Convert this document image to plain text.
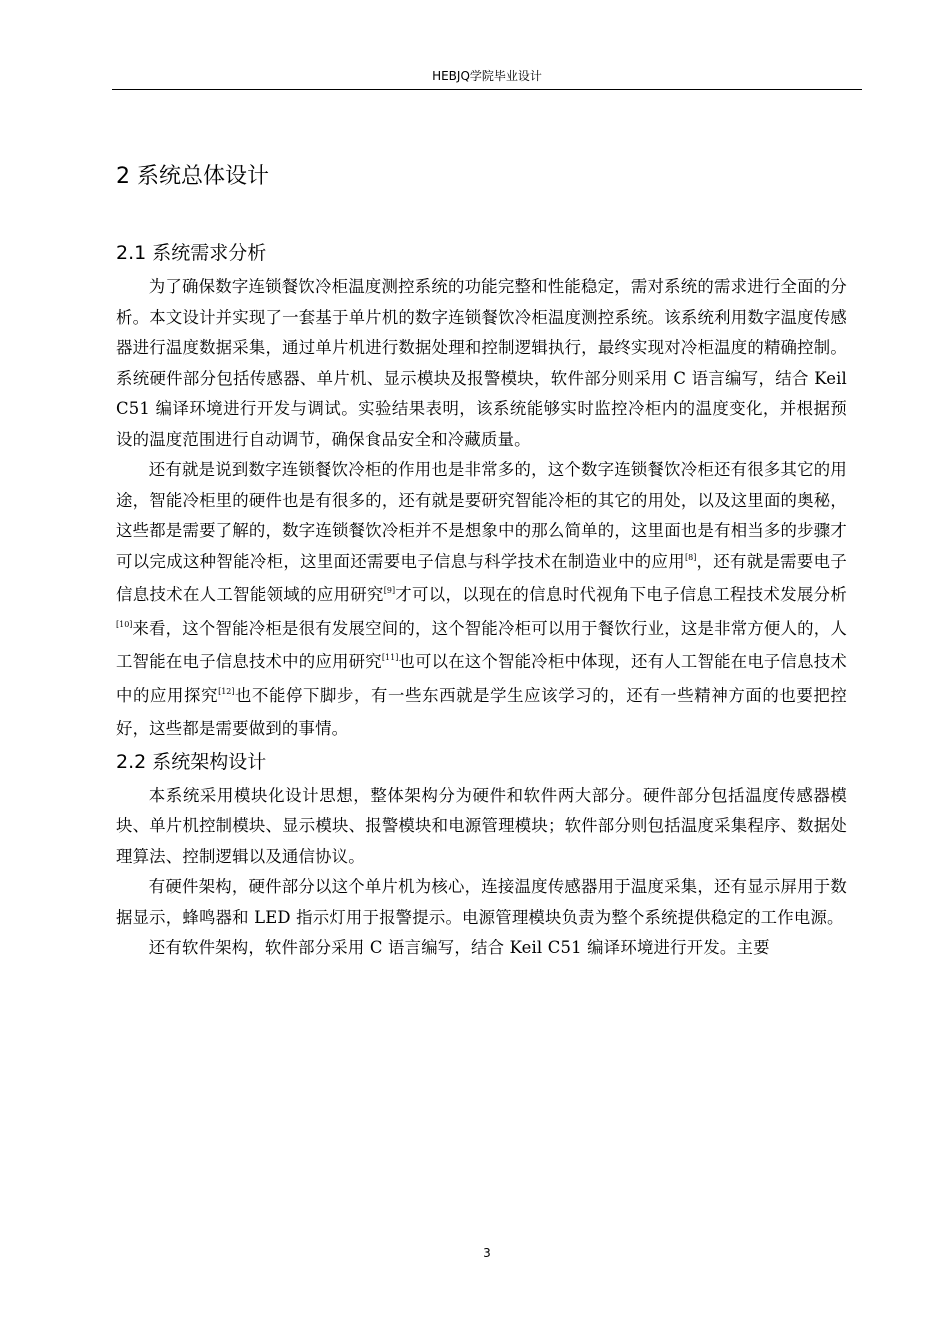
HEBJQ学院毕业设计
2 系统总体设计
2.1 系统需求分析

为了确保数字连锁餐饮冷柜温度测控系统的功能完整和性能稳定，需对系统的需求进行全面的分析。本文设计并实现了一套基于单片机的数字连锁餐饮冷柜温度测控系统。该系统利用数字温度传感器进行温度数据采集，通过单片机进行数据处理和控制逻辑执行，最终实现对冷柜温度的精确控制。系统硬件部分包括传感器、单片机、显示模块及报警模块，软件部分则采用 C 语言编写，结合 Keil C51 编译环境进行开发与调试。实验结果表明，该系统能够实时监控冷柜内的温度变化，并根据预设的温度范围进行自动调节，确保食品安全和冷藏质量。

还有就是说到数字连锁餐饮冷柜的作用也是非常多的，这个数字连锁餐饮冷柜还有很多其它的用途，智能冷柜里的硬件也是有很多的，还有就是要研究智能冷柜的其它的用处，以及这里面的奥秘，这些都是需要了解的，数字连锁餐饮冷柜并不是想象中的那么简单的，这里面也是有相当多的步骤才可以完成这种智能冷柜，这里面还需要电子信息与科学技术在制造业中的应用[8]，还有就是需要电子信息技术在人工智能领域的应用研究[9]才可以，以现在的信息时代视角下电子信息工程技术发展分析[10]来看，这个智能冷柜是很有发展空间的，这个智能冷柜可以用于餐饮行业，这是非常方便人的，人工智能在电子信息技术中的应用研究[11]也可以在这个智能冷柜中体现，还有人工智能在电子信息技术中的应用探究[12]也不能停下脚步，有一些东西就是学生应该学习的，还有一些精神方面的也要把控好，这些都是需要做到的事情。

2.2 系统架构设计

本系统采用模块化设计思想，整体架构分为硬件和软件两大部分。硬件部分包括温度传感器模块、单片机控制模块、显示模块、报警模块和电源管理模块；软件部分则包括温度采集程序、数据处理算法、控制逻辑以及通信协议。

有硬件架构，硬件部分以这个单片机为核心，连接温度传感器用于温度采集，还有显示屏用于数据显示，蜂鸣器和 LED 指示灯用于报警提示。电源管理模块负责为整个系统提供稳定的工作电源。

还有软件架构，软件部分采用 C 语言编写，结合 Keil C51 编译环境进行开发。主要

3
